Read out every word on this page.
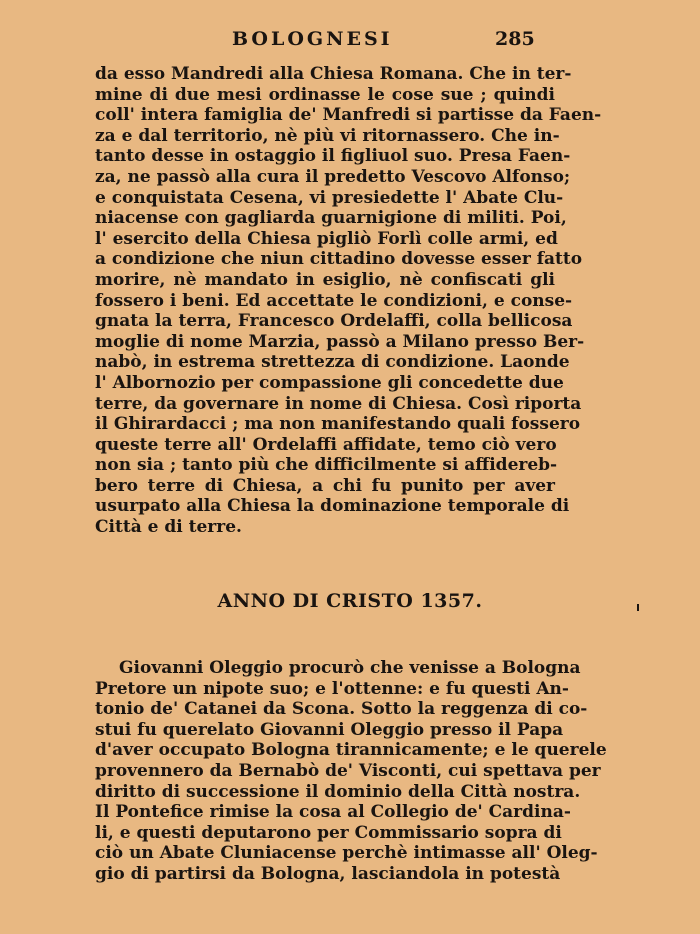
BOLOGNESI	285
da esso Mandredi alla Chiesa Romana. Che in ter-
mine di due mesi ordinasse le cose sue ; quindi
coll' intera famiglia de' Manfredi si partisse da Faen-
za e dal territorio, nè più vi ritornassero. Che in-
tanto desse in ostaggio il figliuol suo. Presa Faen-
za, ne passò alla cura il predetto Vescovo Alfonso;
e conquistata Cesena, vi presiedette l' Abate Clu-
niacense con gagliarda guarnigione di militi. Poi,
l' esercito della Chiesa pigliò Forlì colle armi, ed
a condizione che niun cittadino dovesse esser fatto
morire, nè mandato in esiglio, nè confiscati gli
fossero i beni. Ed accettate le condizioni, e conse-
gnata la terra, Francesco Ordelaffi, colla bellicosa
moglie di nome Marzia, passò a Milano presso Ber-
nabò, in estrema strettezza di condizione. Laonde
l' Albornozio per compassione gli concedette due
terre, da governare in nome di Chiesa. Così riporta
il Ghirardacci ; ma non manifestando quali fossero
queste terre all' Ordelaffi affidate, temo ciò vero
non sia ; tanto più che difficilmente si affidereb-
bero terre di Chiesa, a chi fu punito per aver
usurpato alla Chiesa la dominazione temporale di
Città e di terre.
ANNO DI CRISTO 1357.
Giovanni Oleggio procurò che venisse a Bologna
Pretore un nipote suo; e l'ottenne: e fu questi An-
tonio de' Catanei da Scona. Sotto la reggenza di co-
stui fu querelato Giovanni Oleggio presso il Papa
d'aver occupato Bologna tirannicamente; e le querele
provennero da Bernabò de' Visconti, cui spettava per
diritto di successione il dominio della Città nostra.
Il Pontefice rimise la cosa al Collegio de' Cardina-
li, e questi deputarono per Commissario sopra di
ciò un Abate Cluniacense perchè intimasse all' Oleg-
gio di partirsi da Bologna, lasciandola in potestà
